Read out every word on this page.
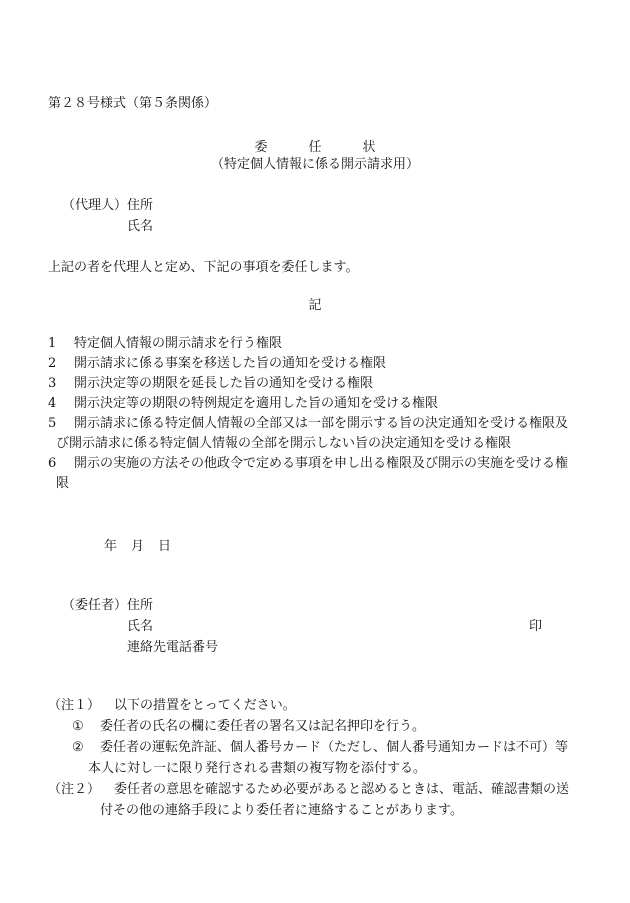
第２８号様式（第５条関係）
委　任　状
（特定個人情報に係る開示請求用）
（代理人） 住所
氏名
上記の者を代理人と定め、下記の事項を委任します。
記
1	特定個人情報の開示請求を行う権限
2	開示請求に係る事案を移送した旨の通知を受ける権限
3	開示決定等の期限を延長した旨の通知を受ける権限
4	開示決定等の期限の特例規定を適用した旨の通知を受ける権限
5	開示請求に係る特定個人情報の全部又は一部を開示する旨の決定通知を受ける権限及
び開示請求に係る特定個人情報の全部を開示しない旨の決定通知を受ける権限
6	開示の実施の方法その他政令で定める事項を申し出る権限及び開示の実施を受ける権
限
年 月 日
（委任者） 住所
氏名	印
連絡先電話番号
（注１） 以下の措置をとってください。
① 委任者の氏名の欄に委任者の署名又は記名押印を行う。
② 委任者の運転免許証、個人番号カード（ただし、個人番号通知カードは不可）等
本人に対し一に限り発行される書類の複写物を添付する。
（注２） 委任者の意思を確認するため必要があると認めるときは、電話、確認書類の送
付その他の連絡手段により委任者に連絡することがあります。
